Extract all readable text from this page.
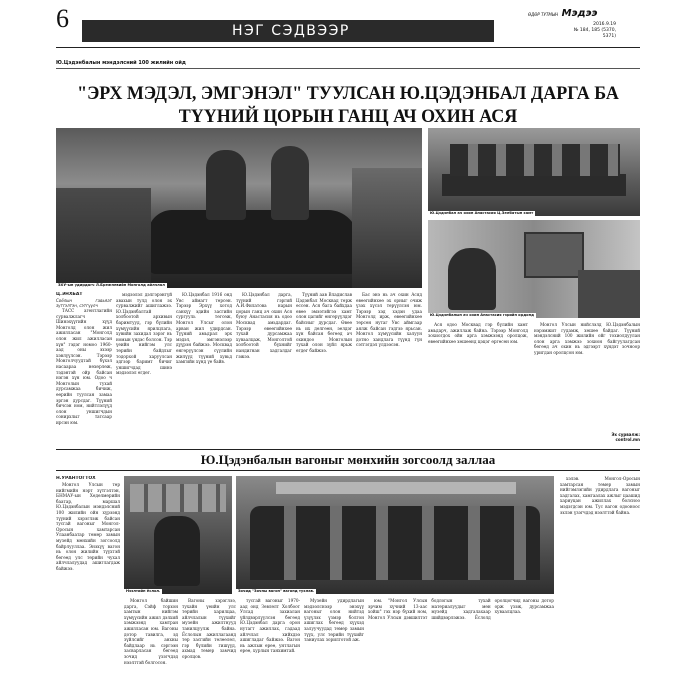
6	НЭГ СЭДВЭЭР
ӨДӨР ТУТМЫН Мэдээ
2016.9.19
№ 184, 185 (5370, 5371)
Ю.Цэдэнбалын мэндэлсний 100 жилийн ойд
"ЭРХ МЭДЭЛ, ЭМГЭНЭЛ" ТУУЛСАН Ю.ЦЭДЭНБАЛ ДАРГА БА
ТҮҮНИЙ ЦОРЫН ГАНЦ АЧ ОХИН АСЯ
ЗХУ-ын удирдагч Л.Брежневийн Монголд айлчлал
Ю.Цэдэнбал ач охин Анастасия Ц.Зелбатын хамт
Ю.Цэдэнбалын ач охин Анастасия гэрийн ордонд
Ц.ЭНХБАТ
Соёлын гавьяат зүтгэлтэн, сэтгүүлч

ТАСС агентлагийн сурвалжлагч Шинэхүүгийн хүүд Монголд олон жил ажилласан "Монголд олон жил ажилласан хүн" гэдэг номоо 1960-аад оны эхээр хэвлүүлсэн. Тэрээр Монголчуудтай бүхэл насаараа нөхөрлөж, тэдэнтэй ойр байсан нэгэн хүн юм. Одоо ч Монголын тухай дурсамжаа бичиж, өөрийн туулсан замаа эргэн дурсдаг. Түүний бичсэн ном, нийтлэлүүд олон уншигчдын сонирхлыг татсаар ирсэн юм.

мэдээлэл дэлгэрэнгүй авахын тулд олон эх сурвалжийг ашиглажээ. Ю.Цэдэнбалтай холбоотой архивын баримтууд, гэр бүлийн хүмүүсийн ярилцлага, хувийн захидал зэрэг нь номын үндэс болсон. Тэр үеийн нийгэм улс төрийн байдлыг тодорхой харуулсан эдгээр баримт бичиг уншигчдад шинэ мэдээлэл өгдөг.

Ю.Цэдэнбал 1916 онд Увс аймагт төрсөн. Тэрээр Эрхүү хотод санхүү эдийн засгийн сургууль төгсөж, Монгол Улсыг олон арван жил удирдсан. Түүний амьдрал эрх мэдэл, эмгэнэлээр дүүрэн байжээ. Москвад өнгөрүүлсэн сүүлийн жилүүд түүний хувьд хамгийн хүнд үе байв.

Ю.Цэдэнбал дарга, түүний гэргий А.И.Филатова нарын цорын ганц ач охин Ася буюу Анастасия нь одоо Москвад амьдардаг. Тэрээр өвөөгийнхөө тухай дурсамжаа хуваалцаж, Монголтой холбоотой бүхнийг нандигнан хадгалдаг гэжээ.

Түүний аав Владислав Цэдэнбал Москвад төрж өссөн. Ася бага байхдаа өвөө эмээтэйгээ хамт олон цагийг өнгөрүүлдэг байсныг дурсдаг. Өвөө нь их дөлгөөн, эелдэг хүн байсан бөгөөд ач охиндоо Монголын тухай олон зүйл ярьж өгдөг байжээ.

Бас энэ нь ач охин Асяд өвөөгийнхөө эх орныг очиж үзэх хүсэл төрүүлсэн юм. Тэрээр хэд хэдэн удаа Монголд ирж, өвөөгийнхөө төрсөн нутаг Увс аймгаар аялж байсан гэдгээ ярьсан. Монгол хүмүүсийн халуун дотно хандлага түүнд гүн сэтгэгдэл үлдээсэн.

Ася одоо Москвад гэр бүлийн хамт амьдарч, ажиллаж байна. Тэрээр Монголд зохиогдох ойн арга хэмжээнд оролцож, өвөөгийнхөө хөшөөнд цэцэг өргөсөн юм.

Монгол Улсын нийслэлд Ю.Цэдэнбалын нэрэмжит гудамж, хөшөө байдаг. Түүний мэндэлсний 100 жилийн ойг тохиолдуулан олон арга хэмжээ зохион байгуулагдсан бөгөөд ач охин нь эдгээрт хүндэт зочноор уригдан оролцсон юм.

Эх сурвалж:
control.mn
Ю.Цэдэнбалын вагоныг мөнхийн зогсоолд заллаа
Н.УРАНТОГТОХ

Монгол Улсын төр нийгмийн нэрт зүтгэлтэн, БНМАУ-ын Хөдөлмөрийн баатар, маршал Ю.Цэдэнбалын мэндэлсний 100 жилийн ойн хүрээнд түүний хэрэглэж байсан тусгай вагоныг Монгол-Оросын хамтарсан Улаанбаатар төмөр замын музейд мөнхийн зогсоолд байрлууллаа. Энэхүү вагон нь олон жилийн түүхтэй бөгөөд улс төрийн чухал айлчлалуудад ашиглагдаж байжээ.

Нээлтийн ёслол.	Зочид "Зочны вагон" вагонд тухлав.

хэлэв. Монгол-Оросын хамтарсан төмөр замын нийгэмлэгийн удирдлага вагоныг хадгалах, хамгаалах ажлыг цаашид хариуцан ажиллах болсноо мэдэгдсэн юм. Тус вагон одооноос эхлэн үзэгчдэд нээлттэй байна.

Монгол байшин дарга, Сэйф торхон хамтын нийгэм хүмүүсийн ажил дэлхий хэмжээнд хамтран ажилласан юм. Вагоны дотор тавилга, эд зүйлсийг анхны байдлаар нь сэргээн засварласан бөгөөд зочид үзэгчдэд нээлттэй болгосон.

Вагоны хэрэглээ, тухайн үеийн улс төрийн харилцаа, айлчлалын түүхийг музейн ажилтнууд танилцуулж байна. Ёслолын ажиллагаанд төр засгийн төлөөлөл, гэр бүлийн гишүүд, ахмад төмөр замчид оролцов.

тусгай вагоныг 1970-аад онд Зөвлөлт Холбоот Улсад захиалан үйлдвэрлүүлсэн бөгөөд Ю.Цэдэнбал дарга орон нутагт ажиллах, гадаад айлчлал хийхдээ ашигладаг байжээ. Вагон нь ажлын өрөө, унтлагын өрөө, хурлын танхимтай.

Музейн удирдлагын мэдээлснээр энэхүү вагоныг олон нийтэд үзүүлэх үзмэр болгон ашиглах бөгөөд хүүхэд залуучуудад төмөр замын түүх, улс төрийн түүхийг таниулах зорилготой аж.

юм. "Монгол Улсын эрчим хүчний 13-аас хойш" гэх нэр бүхий ном, Монгол Улсын дэвшилтэт бодлогын тухай материалуудыг мөн музейд хадгалахаар шийдвэрлэжээ. Ёслолд оролцогчид вагоны дотор орж үзэж, дурсамжаа хуваалцлаа.
